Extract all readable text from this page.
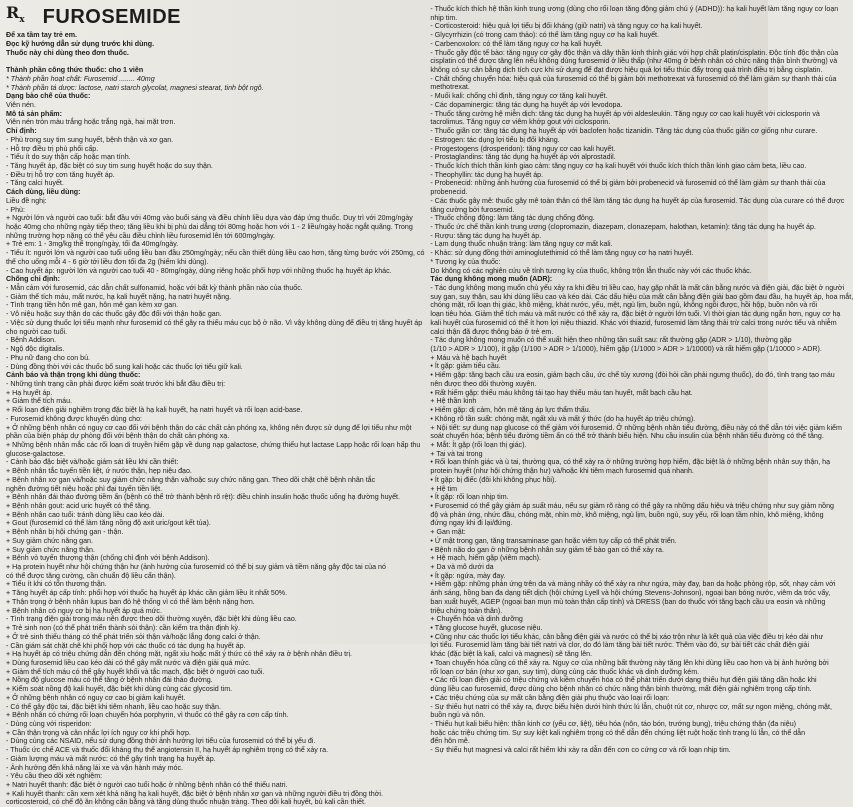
$R_x$ FUROSEMIDE
Để xa tầm tay trẻ em.
Đọc kỹ hướng dẫn sử dụng trước khi dùng.
Thuốc này chỉ dùng theo đơn thuốc.

Thành phần công thức thuốc: cho 1 viên
* Thành phần hoạt chất: Furosemid ........ 40mg
* Thành phần tá dược: lactose, natri starch glycolat, magnesi stearat, tinh bột ngô.
Dạng bào chế của thuốc:
Viên nén.
Mô tả sản phẩm:
Viên nén tròn màu trắng hoặc trắng ngà, hai mặt trơn.
Chỉ định:
- Phù trong suy tim sung huyết, bệnh thận và xơ gan.
- Hỗ trợ điều trị phù phổi cấp.
- Tiểu ít do suy thận cấp hoặc mạn tính.
- Tăng huyết áp, đặc biệt có suy tim sung huyết hoặc do suy thận.
- Điều trị hỗ trợ cơn tăng huyết áp.
- Tăng calci huyết.
Cách dùng, liều dùng:
Liều đề nghị:
- Phù:
+ Người lớn và người cao tuổi: bắt đầu với 40mg vào buổi sáng và điều chỉnh liều dựa vào đáp ứng thuốc. Duy trì với 20mg/ngày
hoặc 40mg cho những ngày tiếp theo; tăng liều khi bị phù dai dẳng tới 80mg hoặc hơn với 1 - 2 liều/ngày hoặc ngắt quãng. Trong
những trường hợp nặng có thể yêu cầu điều chỉnh liều furosemid lên tới 600mg/ngày.
+ Trẻ em: 1 - 3mg/kg thể trọng/ngày, tối đa 40mg/ngày.
- Tiểu ít: người lớn và người cao tuổi uống liều ban đầu 250mg/ngày; nếu cần thiết dùng liều cao hơn, tăng từng bước với 250mg, có
thể cho uống mỗi 4 - 6 giờ tới liều đơn tối đa 2g (hiếm khi dùng).
- Cao huyết áp: người lớn và người cao tuổi 40 - 80mg/ngày, dùng riêng hoặc phối hợp với những thuốc hạ huyết áp khác.
Chống chỉ định:
- Mẫn cảm với furosemid, các dẫn chất sulfonamid, hoặc với bất kỳ thành phần nào của thuốc.
- Giảm thể tích máu, mất nước, hạ kali huyết nặng, hạ natri huyết nặng.
- Tình trạng tiền hôn mê gan, hôn mê gan kèm xơ gan.
- Vô niệu hoặc suy thận do các thuốc gây độc đối với thận hoặc gan.
- Việc sử dụng thuốc lợi tiểu mạnh như furosemid có thể gây ra thiếu máu cục bộ ở não. Vì vậy không dùng để điều trị tăng huyết áp
cho người cao tuổi.
- Bệnh Addison.
- Ngộ độc digitalis.
- Phụ nữ đang cho con bú.
- Dùng đồng thời với các thuốc bổ sung kali hoặc các thuốc lợi tiểu giữ kali.
Cảnh báo và thận trọng khi dùng thuốc:
- Những tình trạng cần phải được kiểm soát trước khi bắt đầu điều trị:
+ Hạ huyết áp.
+ Giảm thể tích máu.
+ Rối loạn điện giải nghiêm trọng đặc biệt là hạ kali huyết, hạ natri huyết và rối loạn acid-base.
- Furosemid không được khuyến dùng cho:
+ Ở những bệnh nhân có nguy cơ cao đối với bệnh thận do các chất cản phóng xạ, không nên được sử dụng để lợi tiểu như một
phần của biện pháp dự phòng đối với bệnh thận do chất cản phóng xạ.
+ Những bệnh nhân mắc các rối loạn di truyền hiếm gặp về dung nạp galactose, chứng thiếu hụt lactase Lapp hoặc rối loạn hấp thu
glucose-galactose.
- Cảnh báo đặc biệt và/hoặc giám sát liều khi cần thiết:
+ Bệnh nhân tắc tuyến tiền liệt, ứ nước thận, hẹp niệu đạo.
+ Bệnh nhân xơ gan và/hoặc suy giảm chức năng thận và/hoặc suy chức năng gan. Theo dõi chặt chẽ bệnh nhân tắc
nghẽn đường tiết niệu hoặc phì đại tuyến tiền liệt.
+ Bệnh nhân đái tháo đường tiềm ẩn (bệnh có thể trở thành bệnh rõ rệt): điều chỉnh insulin hoặc thuốc uống hạ đường huyết.
+ Bệnh nhân gout: acid uric huyết có thể tăng.
+ Bệnh nhân cao tuổi: tránh dùng liều cao kéo dài.
+ Gout (furosemid có thể làm tăng nồng độ axit uric/gout kết tủa).
+ Bệnh nhân bị hội chứng gan - thận.
+ Suy giảm chức năng gan.
+ Suy giảm chức năng thận.
+ Bệnh vỏ tuyến thượng thận (chống chỉ định với bệnh Addison).
+ Hạ protein huyết như hội chứng thận hư (ảnh hưởng của furosemid có thể bị suy giảm và tiềm năng gây độc tai của nó
có thể được tăng cường, cần chuẩn độ liều cẩn thận).
+ Tiểu ít khi có tổn thương thận.
+ Tăng huyết áp cấp tính: phối hợp với thuốc hạ huyết áp khác cần giảm liều ít nhất 50%.
+ Thận trọng ở bệnh nhân lupus ban đỏ hệ thống vì có thể làm bệnh nặng hơn.
+ Bệnh nhân có nguy cơ bị hạ huyết áp quá mức.
- Tình trạng điện giải trong máu nên được theo dõi thường xuyên, đặc biệt khi dùng liều cao.
+ Trẻ sinh non (có thể phát triển thành sỏi thận): cần kiểm tra thận định kỳ.
+ Ở trẻ sinh thiếu tháng có thể phát triển sỏi thận và/hoặc lắng đọng calci ở thận.
- Cần giám sát chặt chẽ khi phối hợp với các thuốc có tác dụng hạ huyết áp.
+ Hạ huyết áp có triệu chứng dẫn đến chóng mặt, ngất xỉu hoặc mất ý thức có thể xảy ra ở bệnh nhân điều trị.
+ Dùng furosemid liều cao kéo dài có thể gây mất nước và điện giải quá mức.
+ Giảm thể tích máu có thể gây huyết khối và tắc mạch, đặc biệt ở người cao tuổi.
+ Nồng độ glucose máu có thể tăng ở bệnh nhân đái tháo đường.
+ Kiểm soát nồng độ kali huyết, đặc biệt khi dùng cùng các glycosid tim.
+ Ở những bệnh nhân có nguy cơ cao bị giảm kali huyết.
- Có thể gây độc tai, đặc biệt khi tiêm nhanh, liều cao hoặc suy thận.
+ Bệnh nhân có chứng rối loạn chuyển hóa porphyrin, vì thuốc có thể gây ra cơn cấp tính.
- Dùng cùng với risperidon:
+ Cần thận trọng và cân nhắc lợi ích nguy cơ khi phối hợp.
- Dùng cùng các NSAID, nếu sử dụng đồng thời ảnh hưởng lợi tiểu của furosemid có thể bị yếu đi.
- Thuốc ức chế ACE và thuốc đối kháng thụ thể angiotensin II, hạ huyết áp nghiêm trọng có thể xảy ra.
- Giảm lượng máu và mất nước: có thể gây tình trạng hạ huyết áp.
- Ảnh hưởng đến khả năng lái xe và vận hành máy móc.
- Yêu cầu theo dõi xét nghiệm:
+ Natri huyết thanh: đặc biệt ở người cao tuổi hoặc ở những bệnh nhân có thể thiếu natri.
+ Kali huyết thanh: cần xem xét khả năng hạ kali huyết, đặc biệt ở bệnh nhân xơ gan và những người điều trị đồng thời.
corticosteroid, có chế độ ăn không cân bằng và tăng dùng thuốc nhuận tràng. Theo dõi kali huyết, bù kali cần thiết.
- Thuốc kích thích hệ thần kinh trung ương (dùng cho rối loạn tăng động giảm chú ý (ADHD)): hạ kali huyết làm tăng nguy cơ loạn
nhịp tim.
- Corticosteroid: hiệu quả lợi tiểu bị đối kháng (giữ natri) và tăng nguy cơ hạ kali huyết.
- Glycyrrhizin (có trong cam thảo): có thể làm tăng nguy cơ hạ kali huyết.
- Carbenoxolon: có thể làm tăng nguy cơ hạ kali huyết.
- Thuốc gây độc tế bào: tăng nguy cơ gây độc thận và dây thần kinh thính giác với hợp chất platin/cisplatin. Độc tính độc thận của
cisplatin có thể được tăng lên nếu không dùng furosemid ở liều thấp (như 40mg ở bệnh nhân có chức năng thận bình thường) và
không có sự cân bằng dịch tích cực khi sử dụng để đạt được hiệu quả lợi tiểu thúc đẩy trong quá trình điều trị bằng cisplatin.
- Chất chống chuyển hóa: hiệu quả của furosemid có thể bị giảm bởi methotrexat và furosemid có thể làm giảm sự thanh thải của
methotrexat.
- Muối kali: chống chỉ định, tăng nguy cơ tăng kali huyết.
- Các dopaminergic: tăng tác dụng hạ huyết áp với levodopa.
- Thuốc tăng cường hệ miễn dịch: tăng tác dụng hạ huyết áp với aldesleukin. Tăng nguy cơ cao kali huyết với ciclosporin và
tacrolimus. Tăng nguy cơ viêm khớp gout với ciclosporin.
- Thuốc giãn cơ: tăng tác dụng hạ huyết áp với baclofen hoặc tizanidin. Tăng tác dụng của thuốc giãn cơ giống như curare.
- Estrogen: tác dụng lợi tiểu bị đối kháng.
- Progestogens (drosperidon): tăng nguy cơ cao kali huyết.
- Prostaglandins: tăng tác dụng hạ huyết áp với alprostadil.
- Thuốc kích thích thần kinh giao cảm: tăng nguy cơ hạ kali huyết với thuốc kích thích thần kinh giao cảm beta, liều cao.
- Theophyllin: tác dụng hạ huyết áp.
- Probenecid: những ảnh hưởng của furosemid có thể bị giảm bởi probenecid và furosemid có thể làm giảm sự thanh thải của
probenecid.
- Các thuốc gây mê: thuốc gây mê toàn thân có thể làm tăng tác dụng hạ huyết áp của furosemid. Tác dụng của curare có thể được
tăng cường bởi furosemid.
- Thuốc chống động: làm tăng tác dụng chống đông.
- Thuốc ức chế thần kinh trung ương (clopromazin, diazepam, clonazepam, halothan, ketamin): tăng tác dụng hạ huyết áp.
- Rượu: tăng tác dụng hạ huyết áp.
- Lạm dụng thuốc nhuận tràng: làm tăng nguy cơ mất kali.
- Khác: sử dụng đồng thời aminoglutethimid có thể làm tăng nguy cơ hạ natri huyết.
* Tương kỵ của thuốc:
Do không có các nghiên cứu về tính tương kỵ của thuốc, không trộn lẫn thuốc này với các thuốc khác.
Tác dụng không mong muốn (ADR):
- Tác dụng không mong muốn chủ yếu xảy ra khi điều trị liều cao, hay gặp nhất là mất cân bằng nước và điện giải, đặc biệt ở người
suy gan, suy thận, sau khi dùng liều cao và kéo dài. Các dấu hiệu của mất cân bằng điện giải bao gồm đau đầu, hạ huyết áp, hoa mắt,
chóng mặt, rối loạn thị giác, khô miệng, khát nước, yếu, mệt, ngủ lịm, buồn ngủ, không ngồi được, hồi hộp, buồn nôn và rối
loạn tiêu hóa. Giảm thể tích máu và mất nước có thể xảy ra, đặc biệt ở người lớn tuổi. Vì thời gian tác dụng ngắn hơn, nguy cơ hạ
kali huyết của furosemid có thể ít hơn lợi niệu thiazid. Khác với thiazid, furosemid làm tăng thải trừ calci trong nước tiểu và nhiễm
calci thận đã được thông báo ở trẻ em.
- Tác dụng không mong muốn có thể xuất hiện theo những tần suất sau: rất thường gặp (ADR > 1/10), thường gặp
(1/10 > ADR > 1/100), ít gặp (1/100 > ADR > 1/1000), hiếm gặp (1/1000 > ADR > 1/10000) và rất hiếm gặp (1/10000 > ADR).
+ Máu và hệ bạch huyết
• Ít gặp: giảm tiểu cầu.
• Hiếm gặp: tăng bạch cầu ưa eosin, giảm bạch cầu, ức chế tủy xương (đòi hỏi cần phải ngưng thuốc), do đó, tình trạng tạo máu
nên được theo dõi thường xuyên.
• Rất hiếm gặp: thiếu máu không tái tạo hay thiếu máu tan huyết, mất bạch cầu hạt.
+ Hệ thần kinh
• Hiếm gặp: dị cảm, hôn mê tăng áp lực thẩm thấu.
• Không rõ tần suất: chóng mặt, ngất xỉu và mất ý thức (do hạ huyết áp triệu chứng).
+ Nội tiết: sự dung nạp glucose có thể giảm với furosemid. Ở những bệnh nhân tiểu đường, điều này có thể dẫn tới việc giảm kiểm
soát chuyển hóa; bệnh tiểu đường tiềm ẩn có thể trở thành biểu hiện. Nhu cầu insulin của bệnh nhân tiểu đường có thể tăng.
+ Mắt: Ít gặp (rối loạn thị giác).
+ Tai và tai trong
• Rối loạn thính giác và ù tai, thường qua, có thể xảy ra ở những trường hợp hiếm, đặc biệt là ở những bệnh nhân suy thận, hạ
protein huyết (như hội chứng thận hư) và/hoặc khi tiêm mạch furosemid quá nhanh.
• Ít gặp: bị điếc (đôi khi không phục hồi).
+ Hệ tim
• Ít gặp: rối loạn nhịp tim.
• Furosemid có thể gây giảm áp suất máu, nếu sự giảm rõ ràng có thể gây ra những dấu hiệu và triệu chứng như suy giảm nồng
độ và phản ứng, nhức đầu, chóng mặt, nhìn mờ, khô miệng, ngủ lịm, buồn ngủ, suy yếu, rối loạn tầm nhìn, khô miệng, không
đứng ngay khi đi lại/đứng.
+ Gan mật:
• Ứ mật trong gan, tăng transaminase gan hoặc viêm tụy cấp có thể phát triển.
• Bệnh não do gan ở những bệnh nhân suy giảm tế bào gan có thể xảy ra.
+ Hệ mạch, hiếm gặp (viêm mạch).
+ Da và mô dưới da
• Ít gặp: ngứa, mày đay.
• Hiếm gặp: những phản ứng trên da và màng nhầy có thể xảy ra như ngứa, mày đay, ban da hoặc phỏng rộp, sốt, nhạy cảm với
ánh sáng, hồng ban đa dạng tiết dịch (hội chứng Lyell và hội chứng Stevens-Johnson), ngoại ban bóng nước, viêm da tróc vẩy,
ban xuất huyết, AGEP (ngoại ban mụn mủ toàn thân cấp tính) và DRESS (ban do thuốc với tăng bạch cầu ưa eosin và những
triệu chứng toàn thân).
+ Chuyển hóa và dinh dưỡng
• Tăng glucose huyết, glucose niệu.
• Cũng như các thuốc lợi tiểu khác, cân bằng điện giải và nước có thể bị xáo trộn như là kết quả của việc điều trị kéo dài như
lợi tiểu. Furosemid làm tăng bài tiết natri và clor, do đó làm tăng bài tiết nước. Thêm vào đó, sự bài tiết các chất điện giải
khác (đặc biệt là kali, calci và magnesi) sẽ tăng lên.
• Toan chuyển hóa cũng có thể xảy ra. Nguy cơ của những bất thường này tăng lên khi dùng liều cao hơn và bị ảnh hưởng bởi
rối loạn cơ bản (như xơ gan, suy tim), dùng cùng các thuốc khác và dinh dưỡng kém.
• Các rối loạn điện giải có triệu chứng và kiềm chuyển hóa có thể phát triển dưới dạng thiếu hụt điện giải tăng dần hoặc khi
dùng liều cao furosemid, được dùng cho bệnh nhân có chức năng thận bình thường, mất điện giải nghiêm trọng cấp tính.
• Các triệu chứng của sự mất cân bằng điện giải phụ thuộc vào loại rối loạn:
- Sự thiếu hụt natri có thể xảy ra, được biểu hiện dưới hình thức lú lẫn, chuột rút cơ, nhược cơ, mất sự ngon miệng, chóng mặt,
buồn ngủ và nôn.
- Thiếu hụt kali biểu hiện: thần kinh cơ (yếu cơ, liệt), tiêu hóa (nôn, táo bón, trướng bụng), triệu chứng thận (đa niệu)
hoặc các triệu chứng tim. Sự suy kiệt kali nghiêm trọng có thể dẫn đến chứng liệt ruột hoặc tình trạng lú lẫn, có thể dẫn
đến hôn mê.
- Sự thiếu hụt magnesi và calci rất hiếm khi xảy ra dẫn đến cơn co cứng cơ và rối loạn nhịp tim.
